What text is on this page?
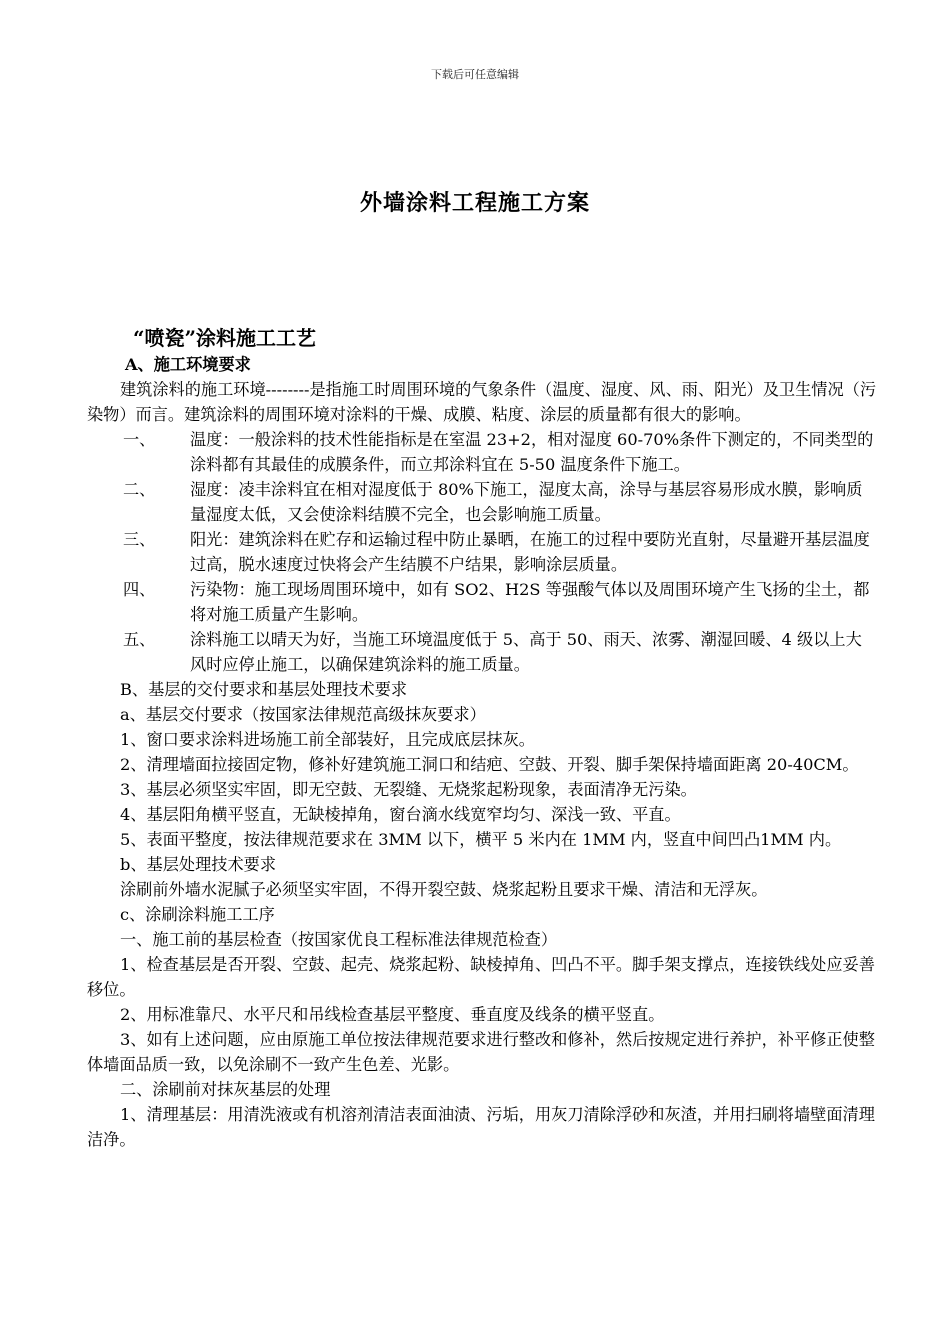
下载后可任意编辑
外墙涂料工程施工方案
“喷瓷”涂料施工工艺

A、施工环境要求

建筑涂料的施工环境--------是指施工时周围环境的气象条件（温度、湿度、风、雨、阳光）及卫生情况（污染物）而言。建筑涂料的周围环境对涂料的干燥、成膜、粘度、涂层的质量都有很大的影响。

一、	温度：一般涂料的技术性能指标是在室温 23+2，相对湿度 60-70%条件下测定的，不同类型的涂料都有其最佳的成膜条件，而立邦涂料宜在 5-50 温度条件下施工。
二、	湿度：凌丰涂料宜在相对湿度低于 80%下施工，湿度太高，涂导与基层容易形成水膜，影响质量湿度太低，又会使涂料结膜不完全，也会影响施工质量。
三、	阳光：建筑涂料在贮存和运输过程中防止暴晒，在施工的过程中要防光直射，尽量避开基层温度过高，脱水速度过快将会产生结膜不户结果，影响涂层质量。
四、	污染物：施工现场周围环境中，如有 SO2、H2S 等强酸气体以及周围环境产生飞扬的尘土，都将对施工质量产生影响。
五、	涂料施工以晴天为好，当施工环境温度低于 5、高于 50、雨天、浓雾、潮湿回暖、4 级以上大风时应停止施工，以确保建筑涂料的施工质量。

B、基层的交付要求和基层处理技术要求

a、基层交付要求（按国家法律规范高级抹灰要求）

1、窗口要求涂料进场施工前全部装好，且完成底层抹灰。

2、清理墙面拉接固定物，修补好建筑施工洞口和结疤、空鼓、开裂、脚手架保持墙面距离 20-40CM。

3、基层必须坚实牢固，即无空鼓、无裂缝、无烧浆起粉现象，表面清净无污染。

4、基层阳角横平竖直，无缺棱掉角，窗台滴水线宽窄均匀、深浅一致、平直。

5、表面平整度，按法律规范要求在 3MM 以下，横平 5 米内在 1MM 内，竖直中间凹凸1MM 内。

b、基层处理技术要求

涂刷前外墙水泥腻子必须坚实牢固，不得开裂空鼓、烧浆起粉且要求干燥、清洁和无浮灰。

c、涂刷涂料施工工序

一、施工前的基层检查（按国家优良工程标准法律规范检查）

1、检查基层是否开裂、空鼓、起壳、烧浆起粉、缺棱掉角、凹凸不平。脚手架支撑点，连接铁线处应妥善移位。

2、用标准靠尺、水平尺和吊线检查基层平整度、垂直度及线条的横平竖直。

3、如有上述问题，应由原施工单位按法律规范要求进行整改和修补，然后按规定进行养护，补平修正使整体墙面品质一致，以免涂刷不一致产生色差、光影。

二、涂刷前对抹灰基层的处理

1、清理基层：用清洗液或有机溶剂清洁表面油渍、污垢，用灰刀清除浮砂和灰渣，并用扫刷将墙壁面清理洁净。
